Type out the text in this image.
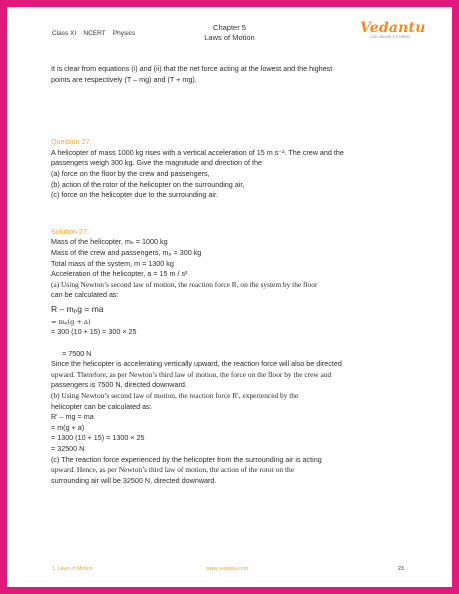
Class XI    NCERT    Physics
Chapter 5
Laws of Motion
Vedantu
LIVE ONLINE TUTORING

It is clear from equations (i) and (ii) that the net force acting at the lowest and the highest

points are respectively (T – mg) and (T + mg).

Question 27:

A helicopter of mass 1000 kg rises with a vertical acceleration of 15 m s⁻². The crew and the

passengers weigh 300 kg. Give the magnitude and direction of the

(a) force on the floor by the crew and passengers,

(b) action of the rotor of the helicopter on the surrounding air,

(c) force on the helicopter due to the surrounding air.

Solution 27:

Mass of the helicopter, mₕ = 1000 kg

Mass of the crew and passengers, mₚ = 300 kg

Total mass of the system, m = 1300 kg

Acceleration of the helicopter, a = 15 m / s²

(a) Using Newton’s second law of motion, the reaction force R, on the system by the floor

can be calculated as:

R – mₚg = ma

= mₚ(g + a)

= 300 (10 + 15) = 300 × 25

= 7500 N

Since the helicopter is accelerating vertically upward, the reaction force will also be directed

upward. Therefore, as per Newton’s third law of motion, the force on the floor by the crew and

passengers is 7500 N, directed downward.

(b) Using Newton’s second law of motion, the reaction force R′, experienced by the

helicopter can be calculated as:

R′ – mg = ma

= m(g + a)

= 1300 (10 + 15) = 1300 × 25

= 32500 N

(c) The reaction force experienced by the helicopter from the surrounding air is acting

upward. Hence, as per Newton’s third law of motion, the action of the rotor on the

surrounding air will be 32500 N, directed downward.

1. Laws of Motion	www.vedantu.com	23
